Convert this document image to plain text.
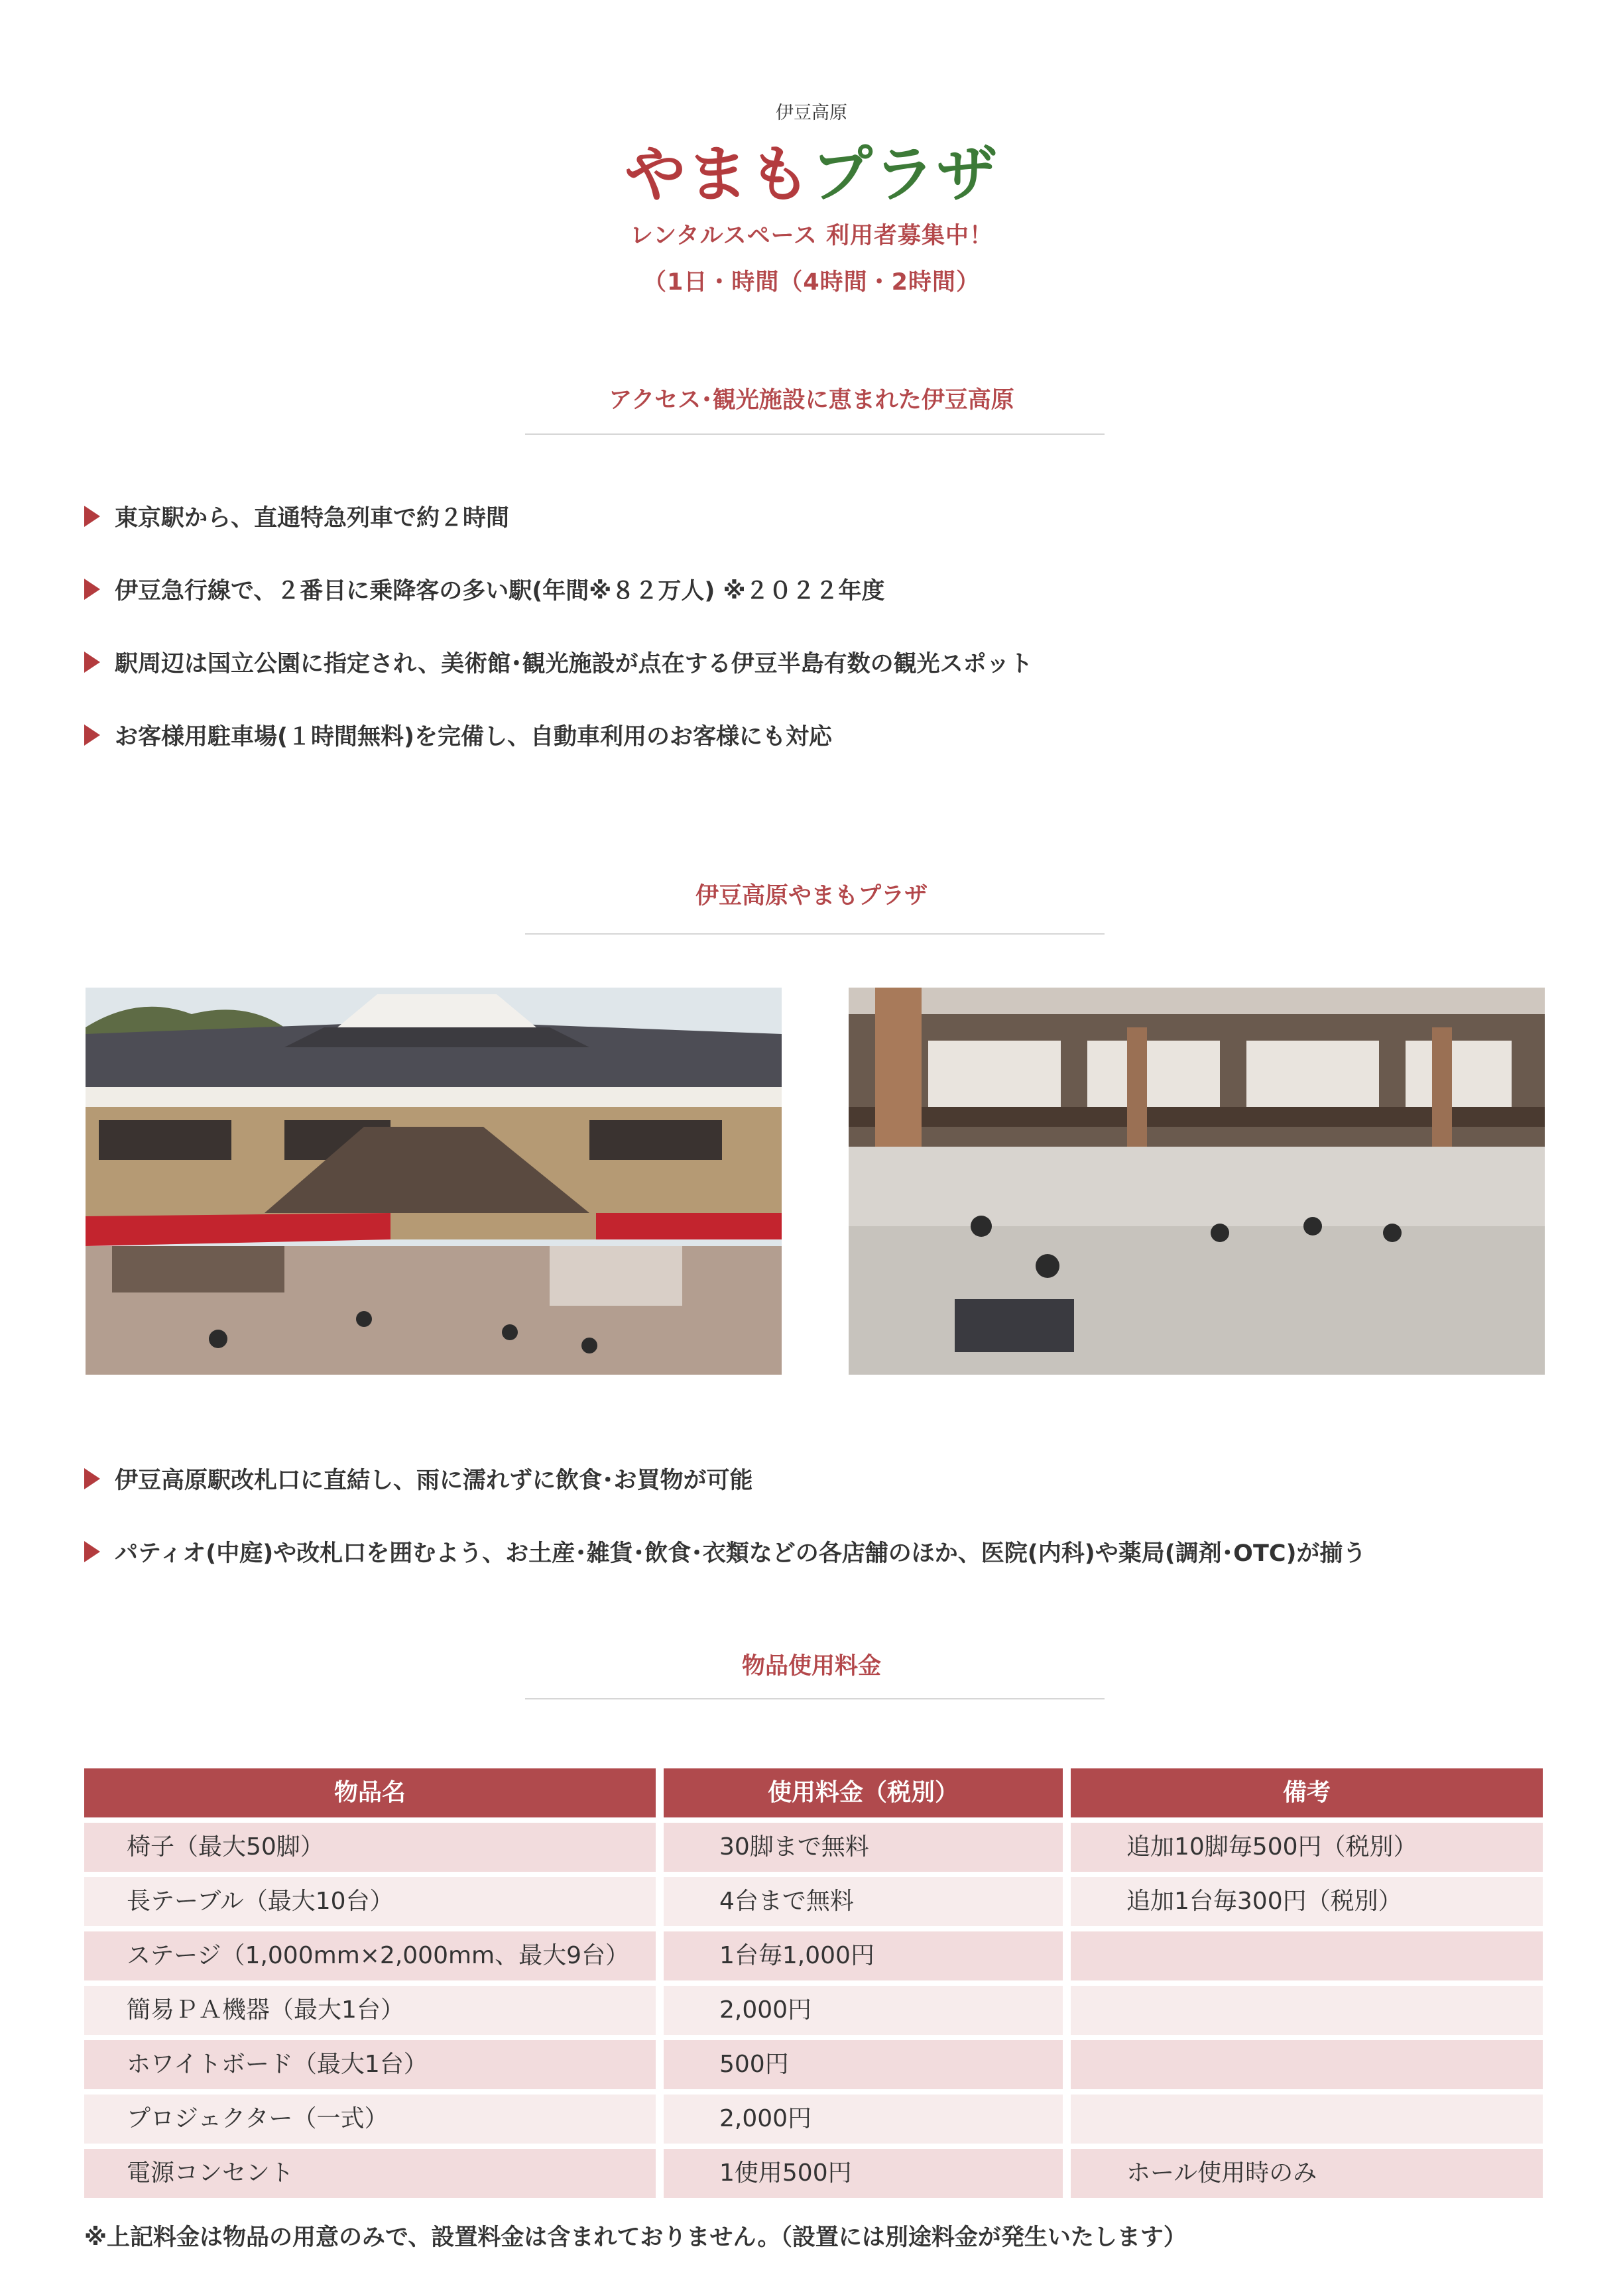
伊豆高原
やまもプラザ
レンタルスペース 利用者募集中！
（1日・時間（4時間・2時間）
アクセス･観光施設に恵まれた伊豆高原
東京駅から、直通特急列車で約２時間
伊豆急行線で、２番目に乗降客の多い駅(年間※８２万人) ※２０２２年度
駅周辺は国立公園に指定され、美術館･観光施設が点在する伊豆半島有数の観光スポット
お客様用駐車場(１時間無料)を完備し、自動車利用のお客様にも対応
伊豆高原やまもプラザ
伊豆高原駅改札口に直結し、雨に濡れずに飲食･お買物が可能
パティオ(中庭)や改札口を囲むよう、お土産･雑貨･飲食･衣類などの各店舗のほか、医院(内科)や薬局(調剤･OTC)が揃う
物品使用料金
物品名	使用料金（税別）	備考
椅子（最大50脚）	30脚まで無料	追加10脚毎500円（税別）
長テーブル（最大10台）	4台まで無料	追加1台毎300円（税別）
ステージ（1,000mm×2,000mm、最大9台）	1台毎1,000円
簡易ＰＡ機器（最大1台）	2,000円
ホワイトボード（最大1台）	500円
プロジェクター（一式）	2,000円
電源コンセント	1使用500円	ホール使用時のみ
※上記料金は物品の用意のみで、設置料金は含まれておりません。（設置には別途料金が発生いたします）
